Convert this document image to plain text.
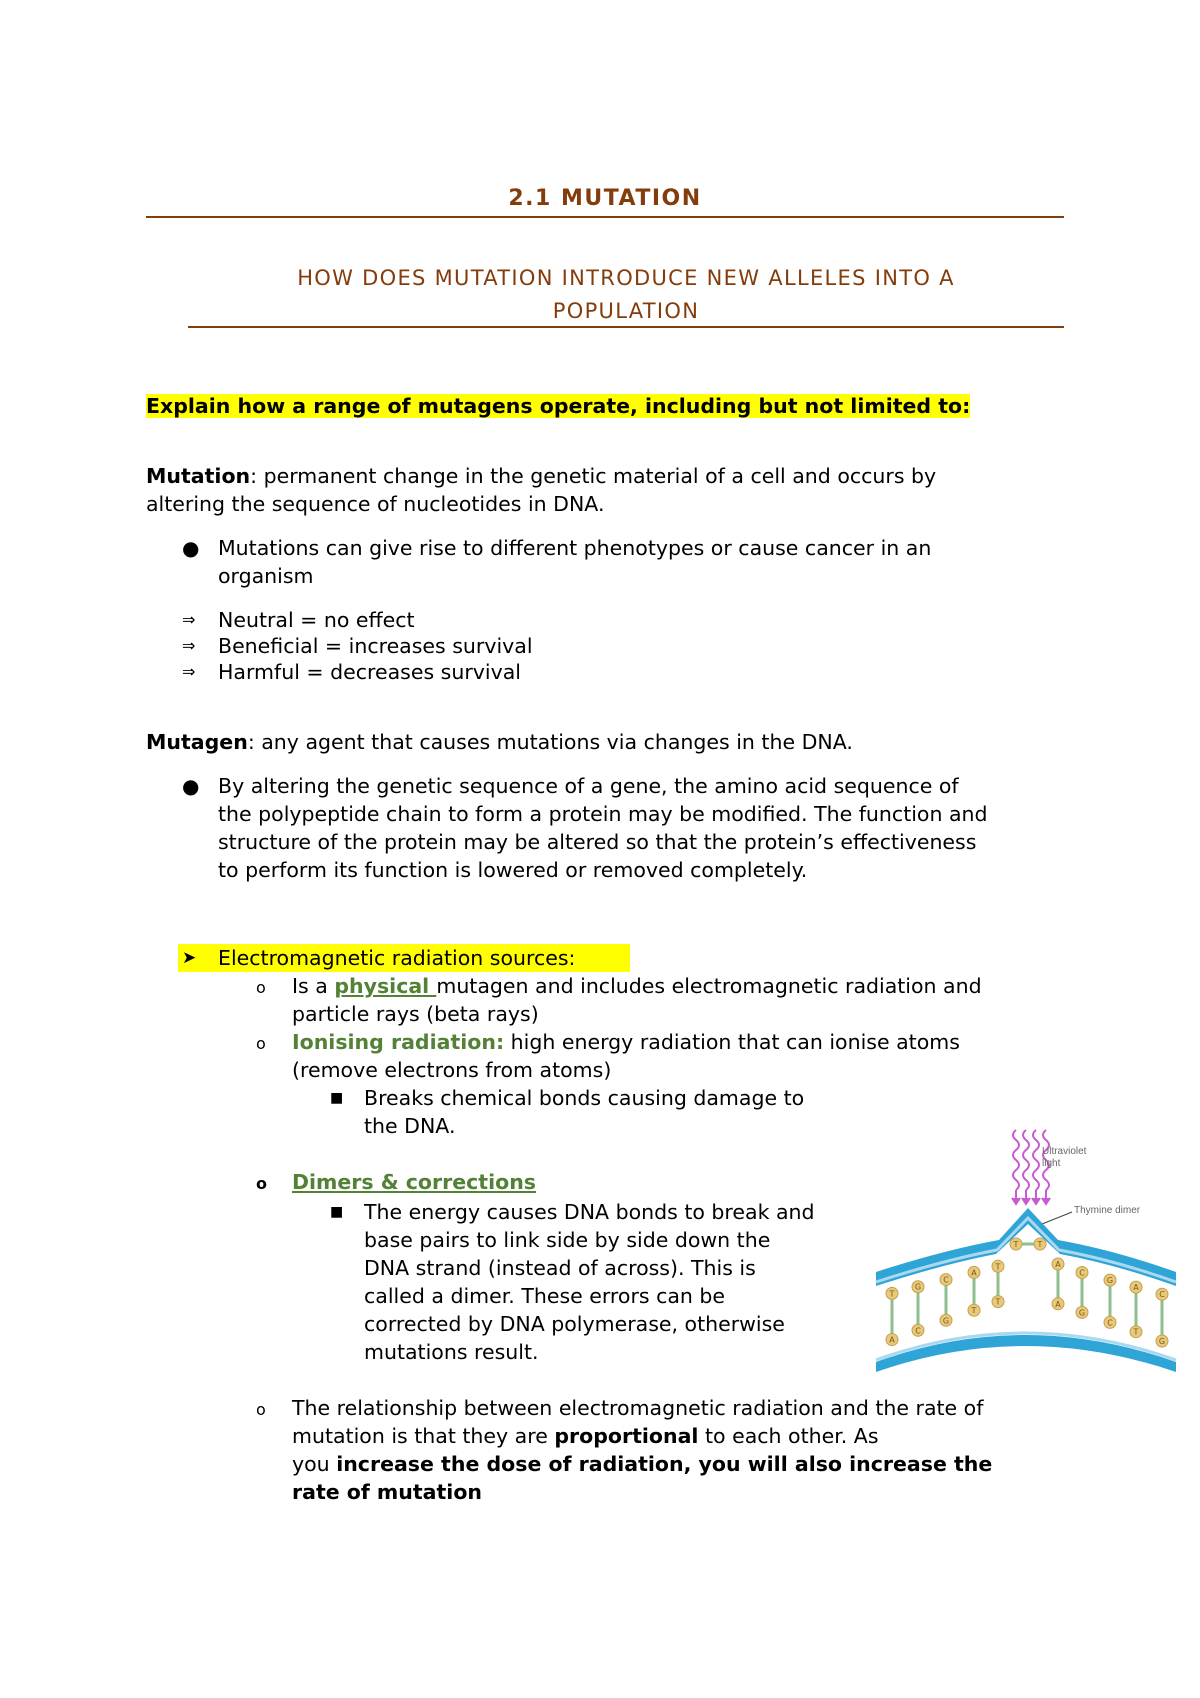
2.1 MUTATION
HOW DOES MUTATION INTRODUCE NEW ALLELES INTO A
POPULATION
Explain how a range of mutagens operate, including but not limited to:
Mutation: permanent change in the genetic material of a cell and occurs by
altering the sequence of nucleotides in DNA.
● Mutations can give rise to different phenotypes or cause cancer in an
organism
⇒ Neutral = no effect
⇒ Beneficial = increases survival
⇒ Harmful = decreases survival
Mutagen: any agent that causes mutations via changes in the DNA.
● By altering the genetic sequence of a gene, the amino acid sequence of
the polypeptide chain to form a protein may be modified. The function and
structure of the protein may be altered so that the protein’s effectiveness
to perform its function is lowered or removed completely.
➤ Electromagnetic radiation sources:
o Is a physical mutagen and includes electromagnetic radiation and
particle rays (beta rays)
o Ionising radiation: high energy radiation that can ionise atoms
(remove electrons from atoms)
■ Breaks chemical bonds causing damage to
the DNA.
o Dimers & corrections
■ The energy causes DNA bonds to break and
base pairs to link side by side down the
DNA strand (instead of across). This is
called a dimer. These errors can be
corrected by DNA polymerase, otherwise
mutations result.
o The relationship between electromagnetic radiation and the rate of
mutation is that they are proportional to each other. As
you increase the dose of radiation, you will also increase the
rate of mutation
Ultraviolet
light
Thymine dimer
T
A
G
C
C
G
A
T
T
T
A
A
C
G
G
C
A
T
C
G
T T
